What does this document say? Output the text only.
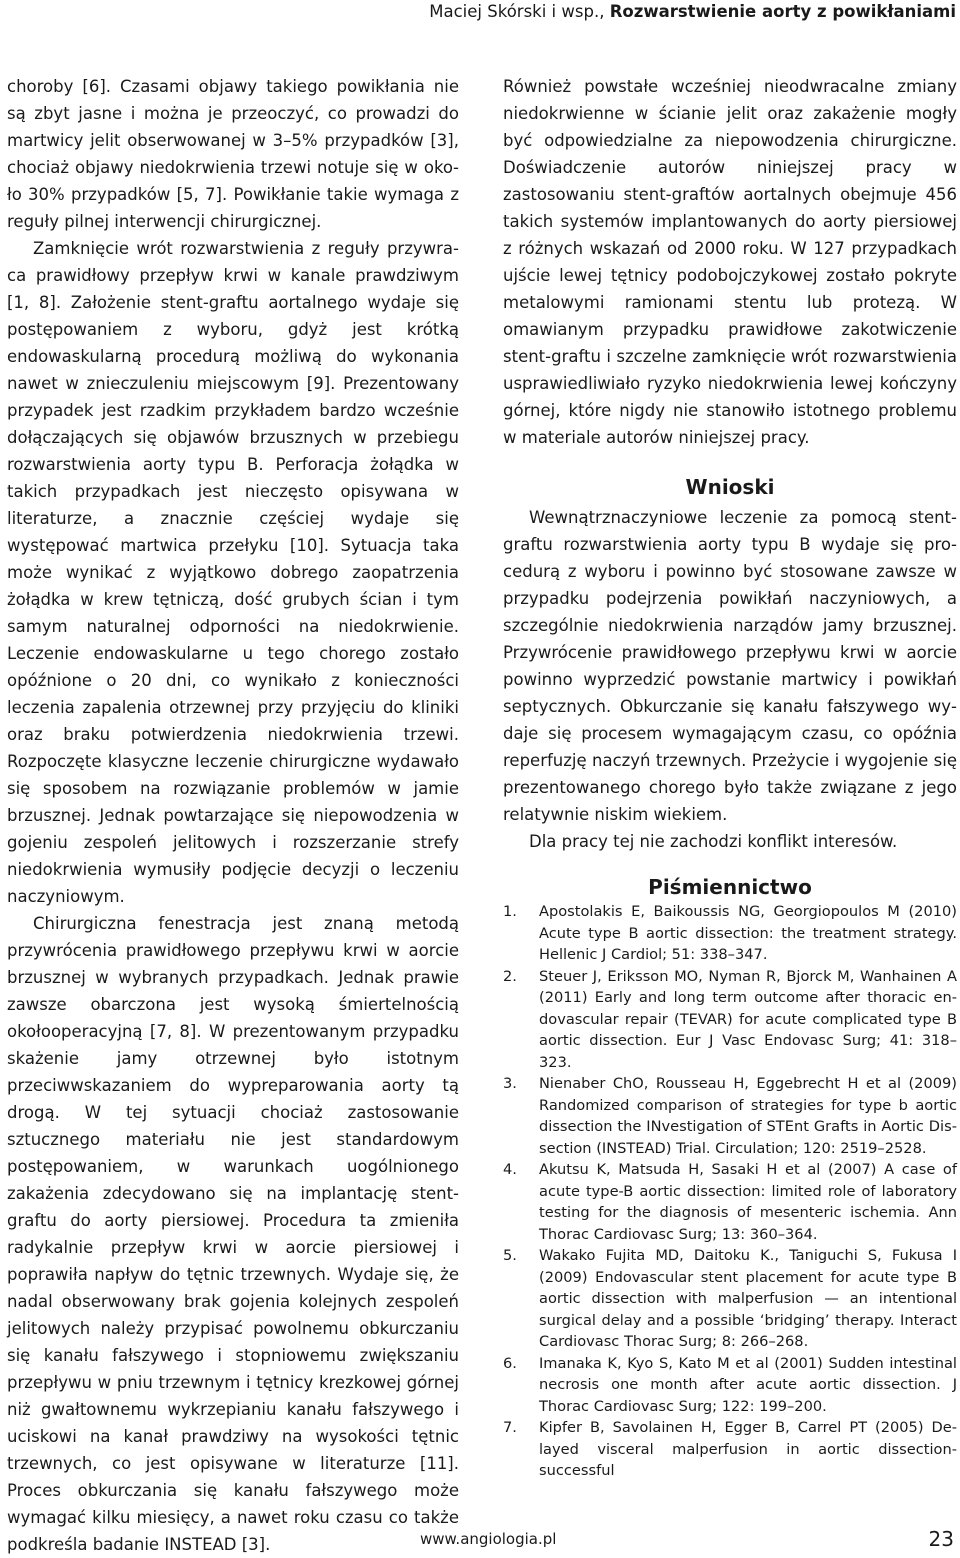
Maciej Skórski i wsp., Rozwarstwienie aorty z powikłaniami

choroby [6]. Czasami objawy takiego powikłania nie są zbyt jasne i można je przeoczyć, co prowadzi do martwicy jelit obserwowanej w 3–5% przypadków [3], chociaż objawy niedokrwienia trzewi notuje się w około 30% przypadków [5, 7]. Powikłanie takie wymaga z reguły pilnej interwencji chirurgicznej.

Zamknięcie wrót rozwarstwienia z reguły przywraca prawidłowy przepływ krwi w kanale prawdziwym [1, 8]. Założenie stent-graftu aortalnego wydaje się postępowaniem z wyboru, gdyż jest krótką endowaskularną procedurą możliwą do wykonania nawet w znieczuleniu miejscowym [9]. Prezentowany przypadek jest rzadkim przykładem bardzo wcześnie dołączających się objawów brzusznych w przebiegu rozwarstwienia aorty typu B. Perforacja żołądka w takich przypadkach jest nieczęsto opisywana w literaturze, a znacznie częściej wydaje się występować martwica przełyku [10]. Sytuacja taka może wynikać z wyjątkowo dobrego zaopatrzenia żołądka w krew tętniczą, dość grubych ścian i tym samym naturalnej odporności na niedokrwienie. Leczenie endowaskularne u tego chorego zostało opóźnione o 20 dni, co wynikało z konieczności leczenia zapalenia otrzewnej przy przyjęciu do kliniki oraz braku potwierdzenia niedokrwienia trzewi. Rozpoczęte klasyczne leczenie chirurgiczne wydawało się sposobem na rozwiązanie problemów w jamie brzusznej. Jednak powtarzające się niepowodzenia w gojeniu zespoleń jelitowych i rozszerzanie strefy niedokrwienia wymusiły podjęcie decyzji o leczeniu naczyniowym.

Chirurgiczna fenestracja jest znaną metodą przywrócenia prawidłowego przepływu krwi w aorcie brzusznej w wybranych przypadkach. Jednak prawie zawsze obarczona jest wysoką śmiertelnością okołooperacyjną [7, 8]. W prezentowanym przypadku skażenie jamy otrzewnej było istotnym przeciwwskazaniem do wypreparowania aorty tą drogą. W tej sytuacji chociaż zastosowanie sztucznego materiału nie jest standardowym postępowaniem, w warunkach uogólnionego zakażenia zdecydowano się na implantację stent-graftu do aorty piersiowej. Procedura ta zmieniła radykalnie przepływ krwi w aorcie piersiowej i poprawiła napływ do tętnic trzewnych. Wydaje się, że nadal obserwowany brak gojenia kolejnych zespoleń jelitowych należy przypisać powolnemu obkurczaniu się kanału fałszywego i stopniowemu zwiększaniu przepływu w pniu trzewnym i tętnicy krezkowej górnej niż gwałtownemu wykrzepianiu kanału fałszywego i uciskowi na kanał prawdziwy na wysokości tętnic trzewnych, co jest opisywane w literaturze [11]. Proces obkurczania się kanału fałszywego może wymagać kilku miesięcy, a nawet roku czasu co także podkreśla badanie INSTEAD [3].

Również powstałe wcześniej nieodwracalne zmiany niedokrwienne w ścianie jelit oraz zakażenie mogły być odpowiedzialne za niepowodzenia chirurgiczne. Doświadczenie autorów niniejszej pracy w zastosowaniu stent-graftów aortalnych obejmuje 456 takich systemów implantowanych do aorty piersiowej z różnych wskazań od 2000 roku. W 127 przypadkach ujście lewej tętnicy podobojczykowej zostało pokryte metalowymi ramionami stentu lub protezą. W omawianym przypadku prawidłowe zakotwiczenie stent-graftu i szczelne zamknięcie wrót rozwarstwienia usprawiedliwiało ryzyko niedokrwienia lewej kończyny górnej, które nigdy nie stanowiło istotnego problemu w materiale autorów niniejszej pracy.

Wnioski

Wewnątrznaczyniowe leczenie za pomocą stent-graftu rozwarstwienia aorty typu B wydaje się procedurą z wyboru i powinno być stosowane zawsze w przypadku podejrzenia powikłań naczyniowych, a szczególnie niedokrwienia narządów jamy brzusznej. Przywrócenie prawidłowego przepływu krwi w aorcie powinno wyprzedzić powstanie martwicy i powikłań septycznych. Obkurczanie się kanału fałszywego wydaje się procesem wymagającym czasu, co opóźnia reperfuzję naczyń trzewnych. Przeżycie i wygojenie się prezentowanego chorego było także związane z jego relatywnie niskim wiekiem.

Dla pracy tej nie zachodzi konflikt interesów.

Piśmiennictwo
1. Apostolakis E, Baikoussis NG, Georgiopoulos M (2010) Acute type B aortic dissection: the treatment strategy. Hellenic J Cardiol; 51: 338–347.
2. Steuer J, Eriksson MO, Nyman R, Bjorck M, Wanhainen A (2011) Early and long term outcome after thoracic endovascular repair (TEVAR) for acute complicated type B aortic dissection. Eur J Vasc Endovasc Surg; 41: 318–323.
3. Nienaber ChO, Rousseau H, Eggebrecht H et al (2009) Randomized comparison of strategies for type b aortic dissection the INvestigation of STEnt Grafts in Aortic Dissection (INSTEAD) Trial. Circulation; 120: 2519–2528.
4. Akutsu K, Matsuda H, Sasaki H et al (2007) A case of acute type-B aortic dissection: limited role of laboratory testing for the diagnosis of mesenteric ischemia. Ann Thorac Cardiovasc Surg; 13: 360–364.
5. Wakako Fujita MD, Daitoku K., Taniguchi S, Fukusa I (2009) Endovascular stent placement for acute type B aortic dissection with malperfusion — an intentional surgical delay and a possible ‘bridging’ therapy. Interact Cardiovasc Thorac Surg; 8: 266–268.
6. Imanaka K, Kyo S, Kato M et al (2001) Sudden intestinal necrosis one month after acute aortic dissection. J Thorac Cardiovasc Surg; 122: 199–200.
7. Kipfer B, Savolainen H, Egger B, Carrel PT (2005) Delayed visceral malperfusion in aortic dissection-successful
www.angiologia.pl	23
